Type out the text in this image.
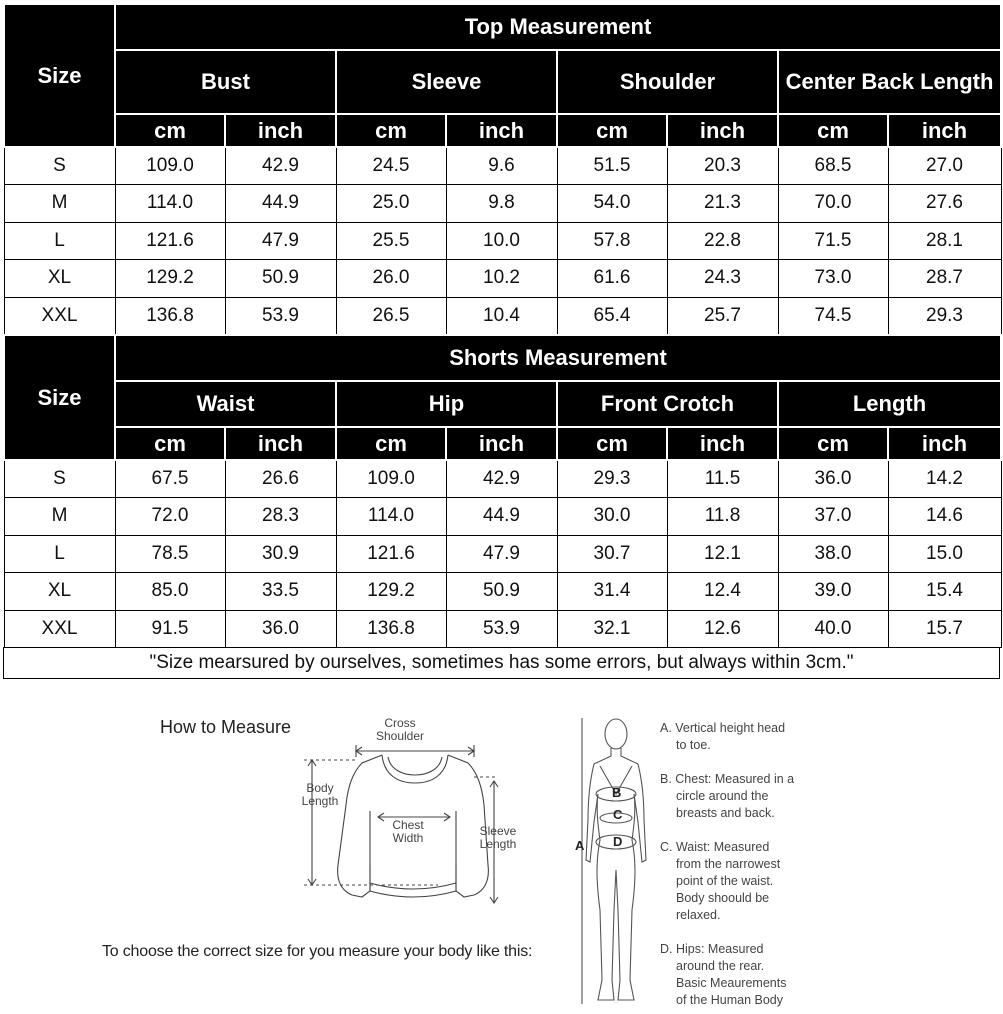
Size	Top Measurement							
	Bust		Sleeve		Shoulder		Center Back Length	
	cm	inch	cm	inch	cm	inch	cm	inch
S	109.0	42.9	24.5	9.6	51.5	20.3	68.5	27.0
M	114.0	44.9	25.0	9.8	54.0	21.3	70.0	27.6
L	121.6	47.9	25.5	10.0	57.8	22.8	71.5	28.1
XL	129.2	50.9	26.0	10.2	61.6	24.3	73.0	28.7
XXL	136.8	53.9	26.5	10.4	65.4	25.7	74.5	29.3
Size	Shorts Measurement							
	Waist		Hip		Front Crotch		Length	
	cm	inch	cm	inch	cm	inch	cm	inch
S	67.5	26.6	109.0	42.9	29.3	11.5	36.0	14.2
M	72.0	28.3	114.0	44.9	30.0	11.8	37.0	14.6
L	78.5	30.9	121.6	47.9	30.7	12.1	38.0	15.0
XL	85.0	33.5	129.2	50.9	31.4	12.4	39.0	15.4
XXL	91.5	36.0	136.8	53.9	32.1	12.6	40.0	15.7
"Size mearsured by ourselves, sometimes has some errors, but always within 3cm."
How to Measure	Cross
Shoulder
Body
Length
Chest
Width	Sleeve
Length
To choose the correct size for you measure your body like this:
A
B
C
D
A. Vertical height head
to toe.
B. Chest: Measured in a
circle around the
breasts and back.
C. Waist: Measured
from the narrowest
point of the waist.
Body shoould be
relaxed.
D. Hips: Measured
around the rear.
Basic Meaurements
of the Human Body
